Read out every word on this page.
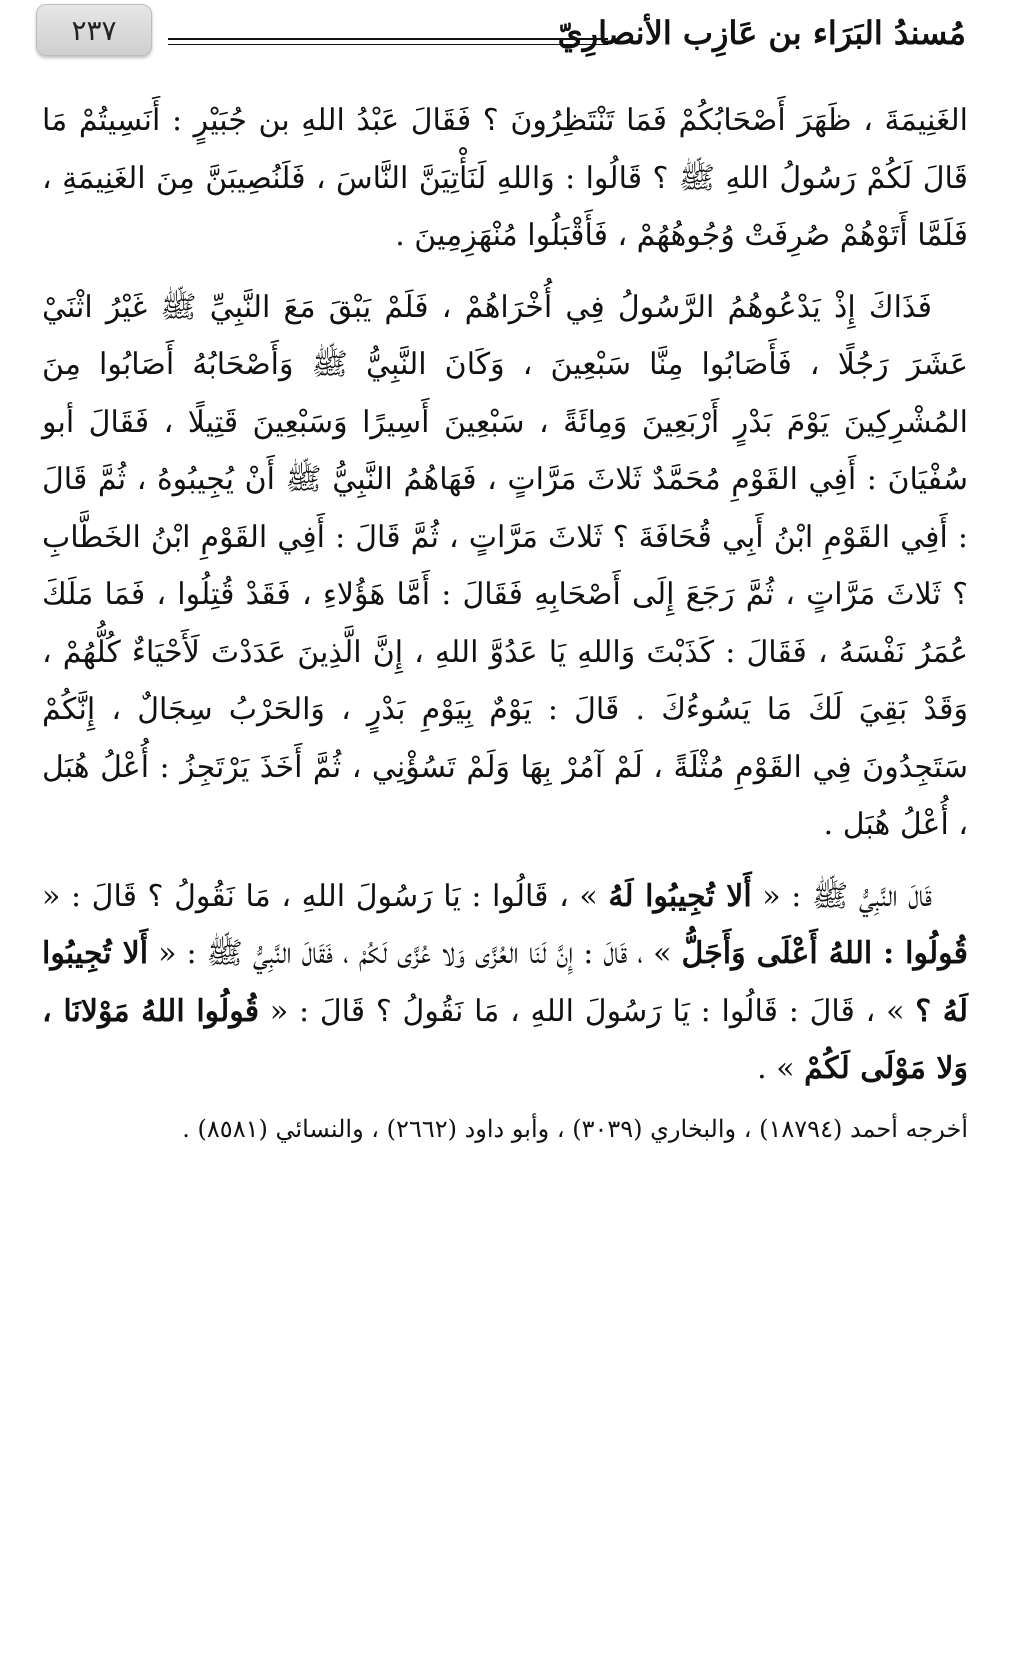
٢٣٧	مُسندُ البَرَاء بن عَازِب الأنصارِيّ

الغَنِيمَةَ ، ظَهَرَ أَصْحَابُكُمْ فَمَا تَنْتَظِرُونَ ؟ فَقَالَ عَبْدُ اللهِ بن جُبَيْرٍ : أَنَسِيتُمْ مَا قَالَ لَكُمْ رَسُولُ اللهِ ﷺ ؟ قَالُوا : وَاللهِ لَنَأْتِيَنَّ النَّاسَ ، فَلَنُصِيبَنَّ مِنَ الغَنِيمَةِ ، فَلَمَّا أَتَوْهُمْ صُرِفَتْ وُجُوهُهُمْ ، فَأَقْبَلُوا مُنْهَزِمِينَ .

فَذَاكَ إِذْ يَدْعُوهُمُ الرَّسُولُ فِي أُخْرَاهُمْ ، فَلَمْ يَبْقَ مَعَ النَّبِيِّ ﷺ غَيْرُ اثْنَيْ عَشَرَ رَجُلًا ، فَأَصَابُوا مِنَّا سَبْعِينَ ، وَكَانَ النَّبِيُّ ﷺ وَأَصْحَابُهُ أَصَابُوا مِنَ المُشْرِكِينَ يَوْمَ بَدْرٍ أَرْبَعِينَ وَمِائَةً ، سَبْعِينَ أَسِيرًا وَسَبْعِينَ قَتِيلًا ، فَقَالَ أبو سُفْيَانَ : أَفِي القَوْمِ مُحَمَّدٌ ثَلاثَ مَرَّاتٍ ، فَهَاهُمُ النَّبِيُّ ﷺ أَنْ يُجِيبُوهُ ، ثُمَّ قَالَ : أَفِي القَوْمِ ابْنُ أَبِي قُحَافَةَ ؟ ثَلاثَ مَرَّاتٍ ، ثُمَّ قَالَ : أَفِي القَوْمِ ابْنُ الخَطَّابِ ؟ ثَلاثَ مَرَّاتٍ ، ثُمَّ رَجَعَ إِلَى أَصْحَابِهِ فَقَالَ : أَمَّا هَؤُلاءِ ، فَقَدْ قُتِلُوا ، فَمَا مَلَكَ عُمَرُ نَفْسَهُ ، فَقَالَ : كَذَبْتَ وَاللهِ يَا عَدُوَّ اللهِ ، إِنَّ الَّذِينَ عَدَدْتَ لَأَحْيَاءٌ كُلُّهُمْ ، وَقَدْ بَقِيَ لَكَ مَا يَسُوءُكَ . قَالَ : يَوْمٌ بِيَوْمِ بَدْرٍ ، وَالحَرْبُ سِجَالٌ ، إِنَّكُمْ سَتَجِدُونَ فِي القَوْمِ مُثْلَةً ، لَمْ آمُرْ بِهَا وَلَمْ تَسُؤْنِي ، ثُمَّ أَخَذَ يَرْتَجِزُ : أُعْلُ هُبَل ، أُعْلُ هُبَل .

قَالَ النَّبِيُّ ﷺ : « أَلا تُجِيبُوا لَهُ » ، قَالُوا : يَا رَسُولَ اللهِ ، مَا نَقُولُ ؟ قَالَ : « قُولُوا : اللهُ أَعْلَى وَأَجَلُّ » ، قَالَ : إِنَّ لَنَا العُزَّى وَلا عُزَّى لَكُمْ ، فَقَالَ النَّبِيُّ ﷺ : « أَلا تُجِيبُوا لَهُ ؟ » ، قَالَ : قَالُوا : يَا رَسُولَ اللهِ ، مَا نَقُولُ ؟ قَالَ : « قُولُوا اللهُ مَوْلانَا ، وَلا مَوْلَى لَكُمْ » .

أخرجه أحمد (١٨٧٩٤) ، والبخاري (٣٠٣٩) ، وأبو داود (٢٦٦٢) ، والنسائي (٨٥٨١) .
